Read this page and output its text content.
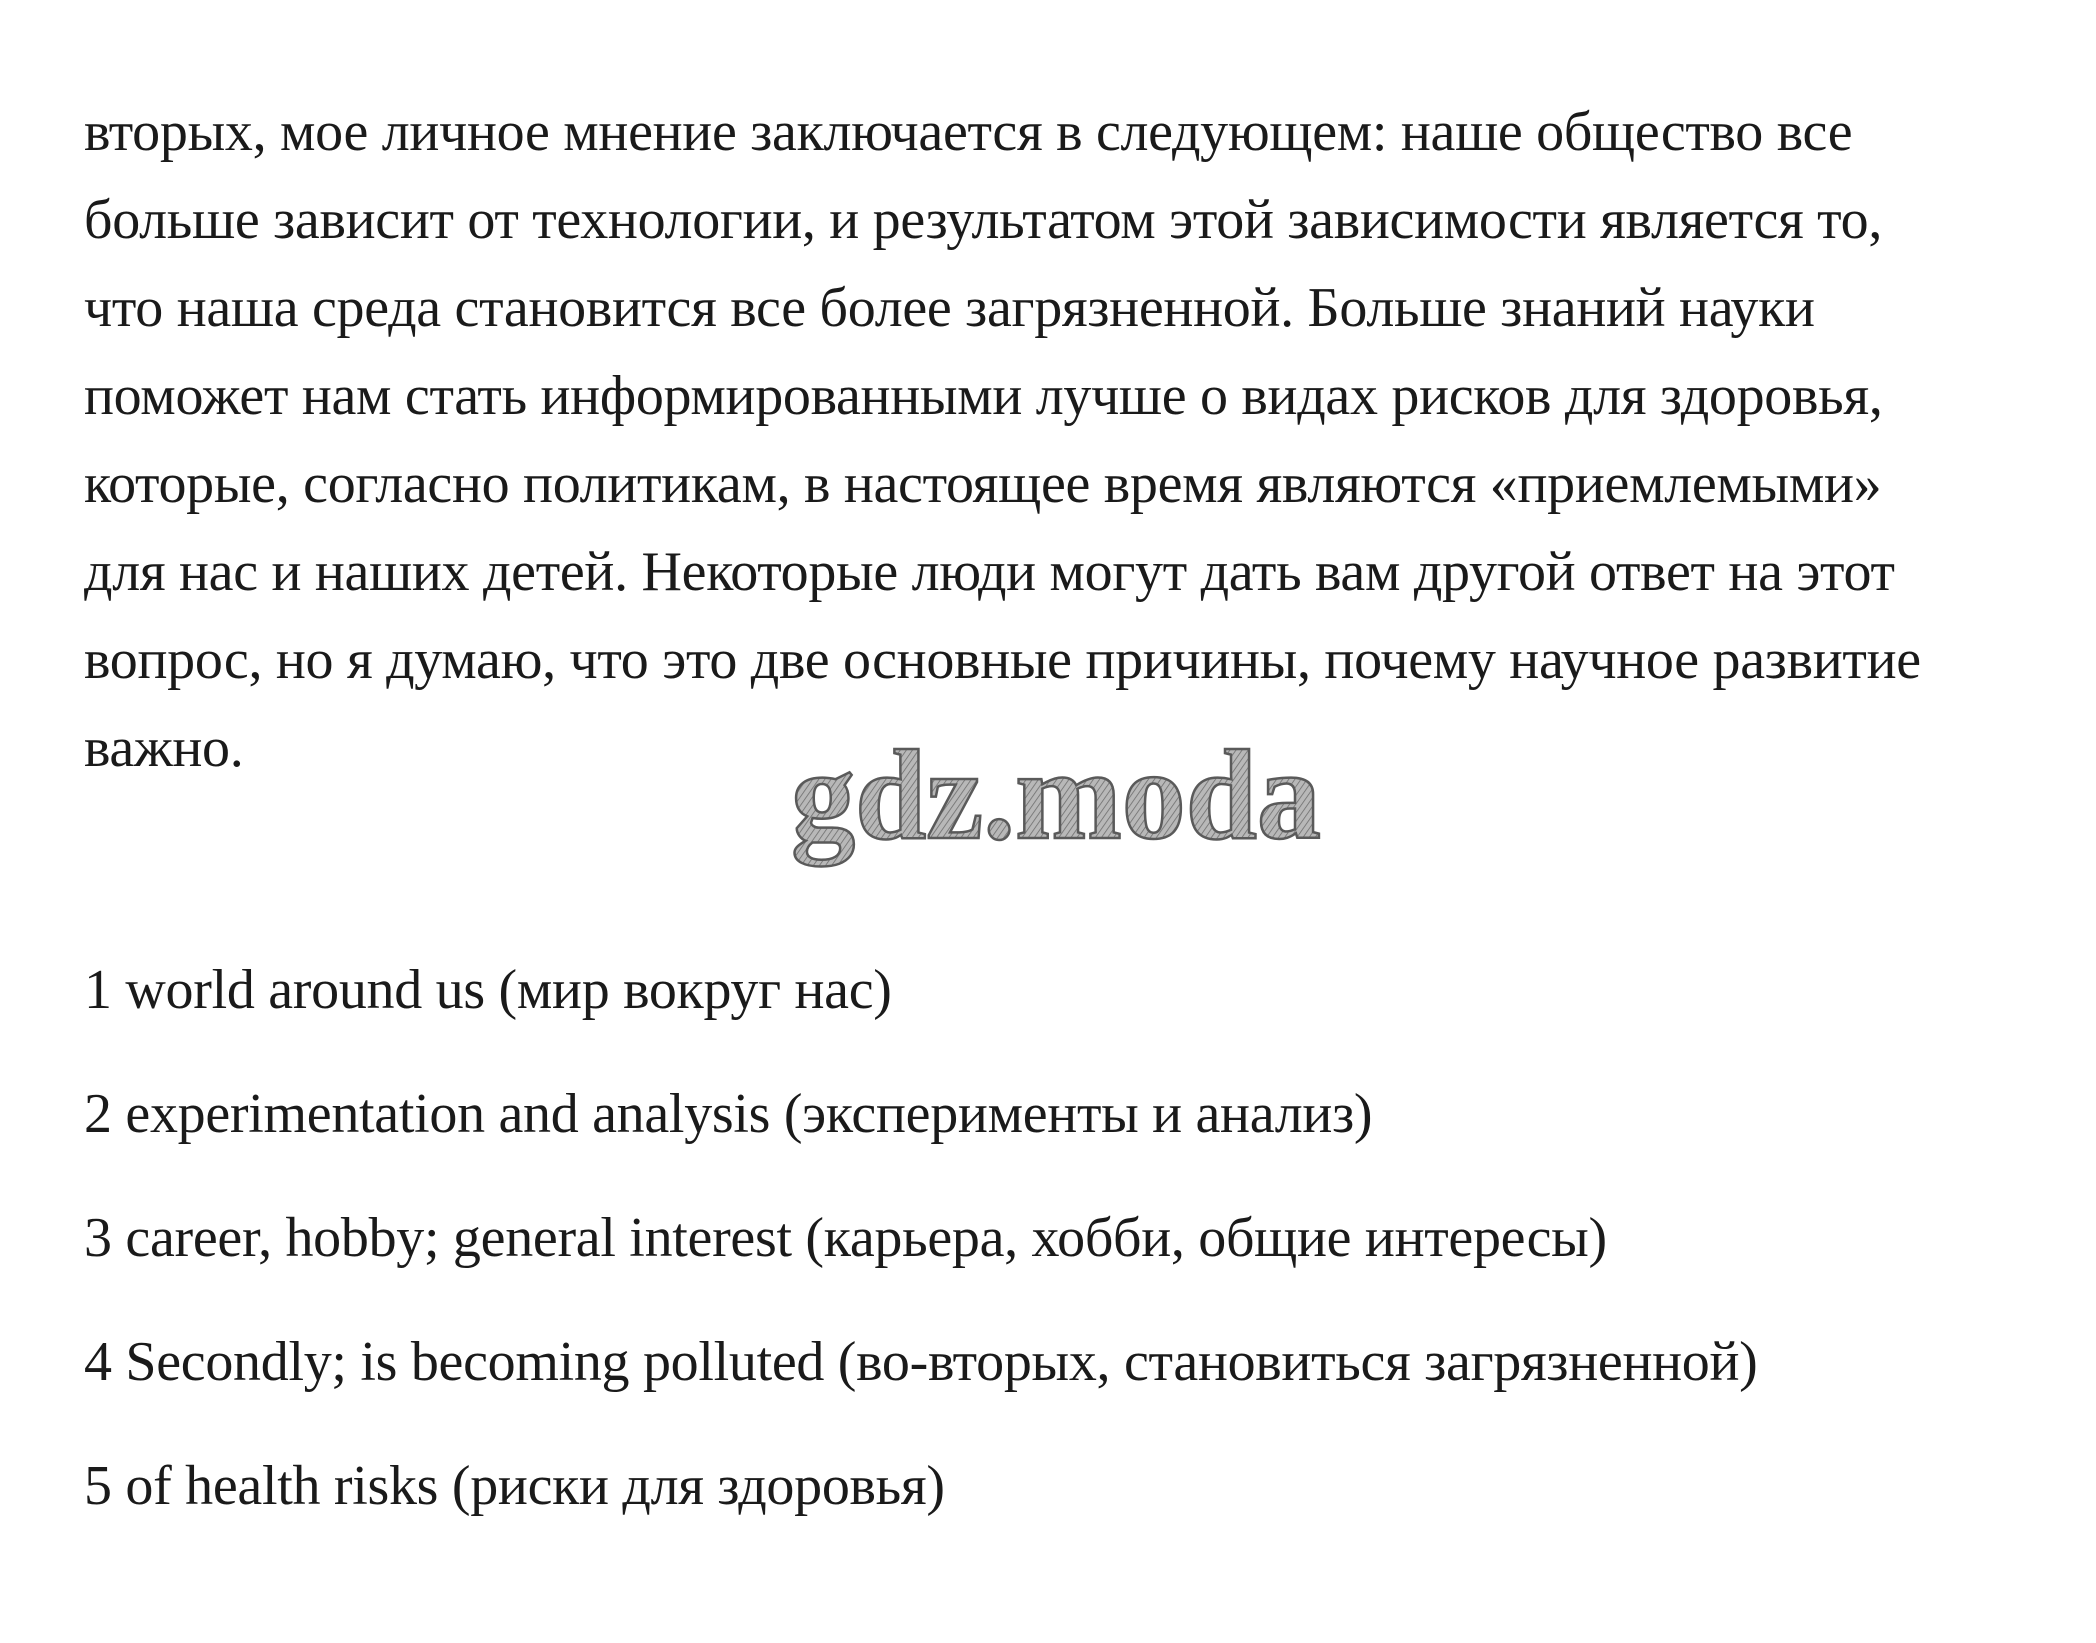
вторых, мое личное мнение заключается в следующем: наше общество все
больше зависит от технологии, и результатом этой зависимости является то,
что наша среда становится все более загрязненной. Больше знаний науки
поможет нам стать информированными лучше о видах рисков для здоровья,
которые, согласно политикам, в настоящее время являются «приемлемыми»
для нас и наших детей. Некоторые люди могут дать вам другой ответ на этот
вопрос, но я думаю, что это две основные причины, почему научное развитие
важно.	gdz.moda
1 world around us (мир вокруг нас)
2 experimentation and analysis (эксперименты и анализ)
3 career, hobby; general interest (карьера, хобби, общие интересы)
4 Secondly; is becoming polluted (во-вторых, становиться загрязненной)
5 of health risks (риски для здоровья)
